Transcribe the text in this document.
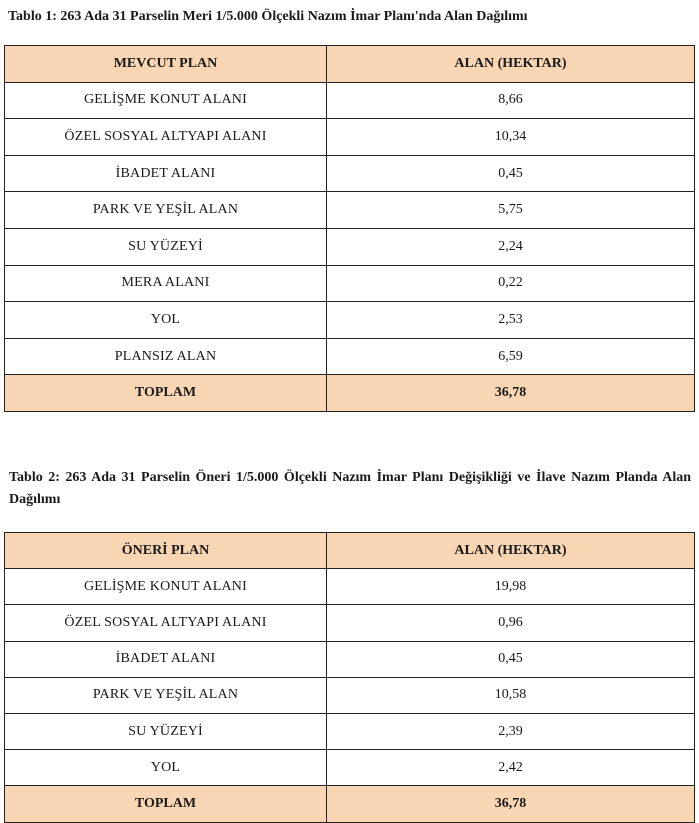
Tablo 1: 263 Ada 31 Parselin Meri 1/5.000 Ölçekli Nazım İmar Planı'nda Alan Dağılımı

MEVCUT PLAN	ALAN (HEKTAR)
GELİŞME KONUT ALANI	8,66
ÖZEL SOSYAL ALTYAPI ALANI	10,34
İBADET ALANI	0,45
PARK VE YEŞİL ALAN	5,75
SU YÜZEYİ	2,24
MERA ALANI	0,22
YOL	2,53
PLANSIZ ALAN	6,59
TOPLAM	36,78

Tablo 2: 263 Ada 31 Parselin Öneri 1/5.000 Ölçekli Nazım İmar Planı Değişikliği ve İlave Nazım Planda Alan Dağılımı

ÖNERİ PLAN	ALAN (HEKTAR)
GELİŞME KONUT ALANI	19,98
ÖZEL SOSYAL ALTYAPI ALANI	0,96
İBADET ALANI	0,45
PARK VE YEŞİL ALAN	10,58
SU YÜZEYİ	2,39
YOL	2,42
TOPLAM	36,78
